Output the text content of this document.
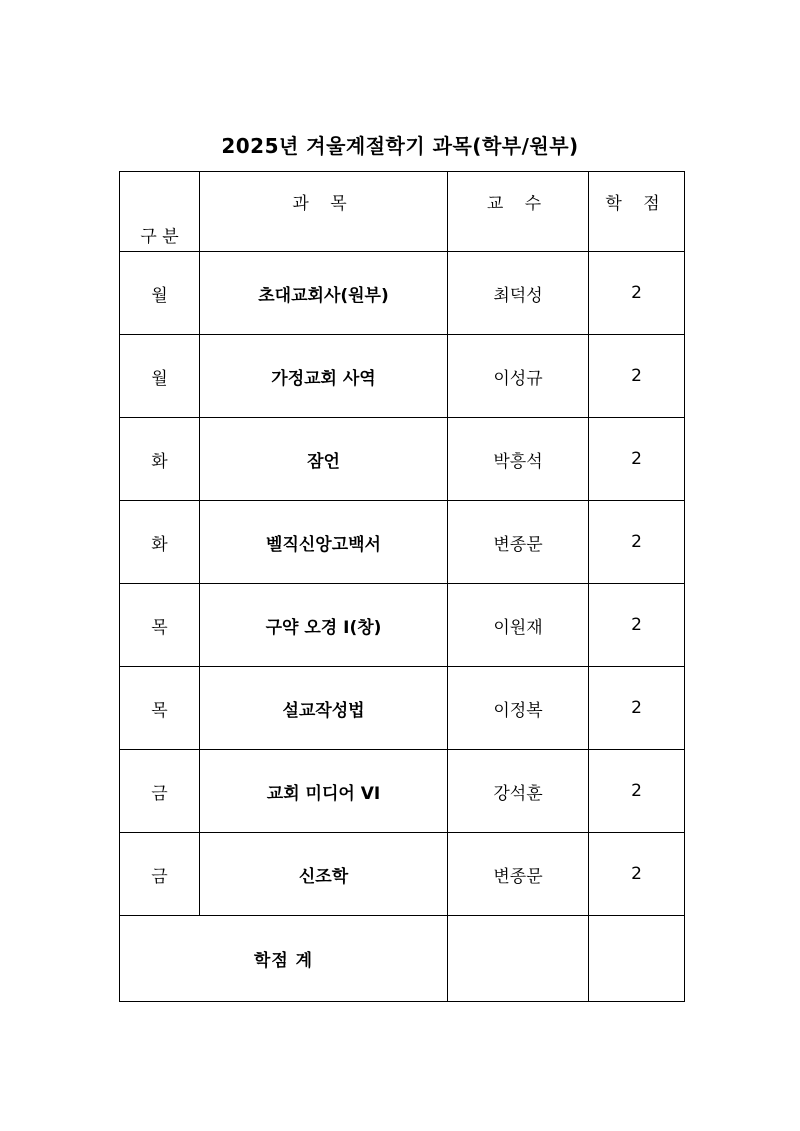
2025년 겨울계절학기 과목(학부/원부)
구 분	과 목	교 수	학 점
월	초대교회사(원부)	최덕성	2
월	가정교회 사역	이성규	2
화	잠언	박흥석	2
화	벨직신앙고백서	변종문	2
목	구약 오경 I(창)	이원재	2
목	설교작성법	이정복	2
금	교회 미디어 VI	강석훈	2
금	신조학	변종문	2
학점 계			
